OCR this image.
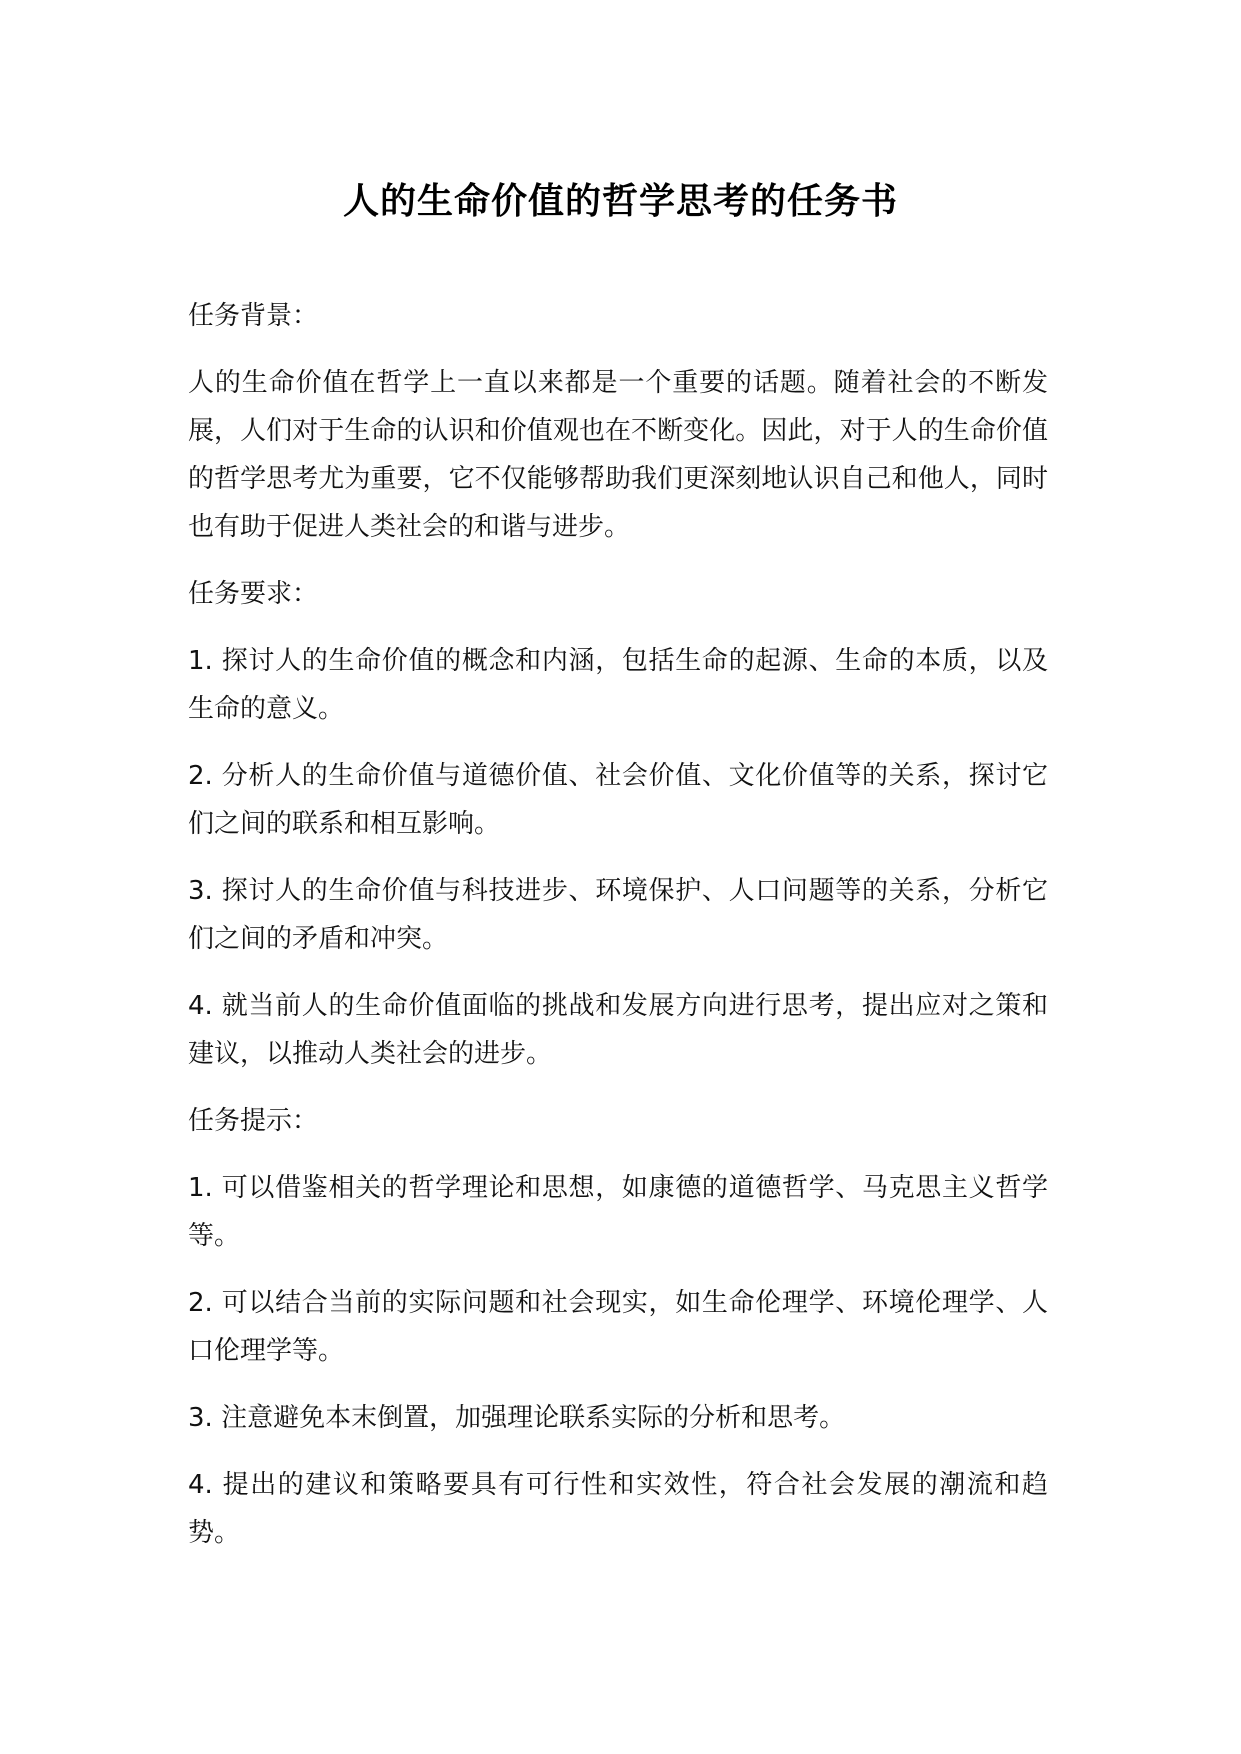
人的生命价值的哲学思考的任务书

任务背景：

人的生命价值在哲学上一直以来都是一个重要的话题。随着社会的不断发展，人们对于生命的认识和价值观也在不断变化。因此，对于人的生命价值的哲学思考尤为重要，它不仅能够帮助我们更深刻地认识自己和他人，同时也有助于促进人类社会的和谐与进步。

任务要求：

1. 探讨人的生命价值的概念和内涵，包括生命的起源、生命的本质，以及生命的意义。

2. 分析人的生命价值与道德价值、社会价值、文化价值等的关系，探讨它们之间的联系和相互影响。

3. 探讨人的生命价值与科技进步、环境保护、人口问题等的关系，分析它们之间的矛盾和冲突。

4. 就当前人的生命价值面临的挑战和发展方向进行思考，提出应对之策和建议，以推动人类社会的进步。

任务提示：

1. 可以借鉴相关的哲学理论和思想，如康德的道德哲学、马克思主义哲学等。

2. 可以结合当前的实际问题和社会现实，如生命伦理学、环境伦理学、人口伦理学等。

3. 注意避免本末倒置，加强理论联系实际的分析和思考。

4. 提出的建议和策略要具有可行性和实效性，符合社会发展的潮流和趋势。
